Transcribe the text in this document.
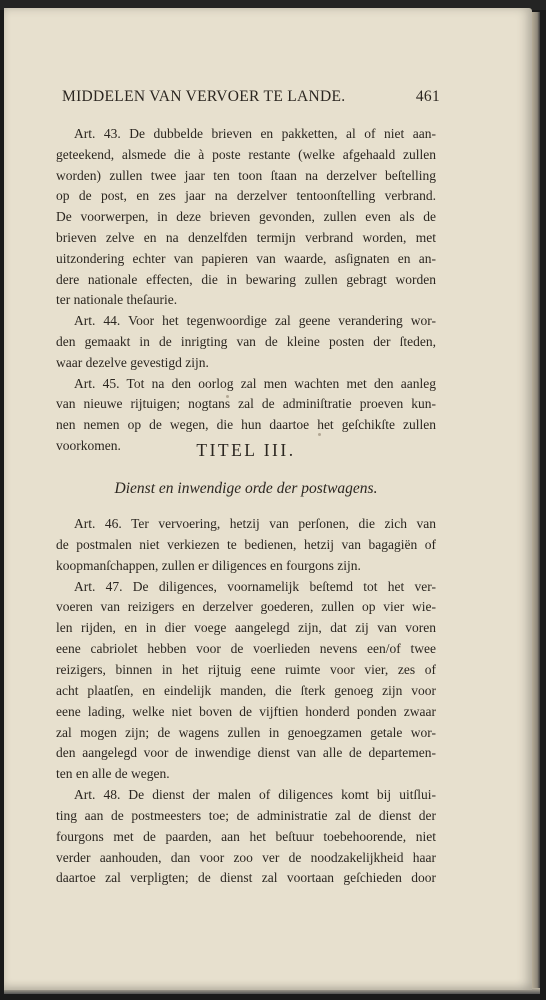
MIDDELEN VAN VERVOER TE LANDE.	461
Art. 43. De dubbelde brieven en pakketten, al of niet aan-
geteekend, alsmede die à poste restante (welke afgehaald zullen
worden) zullen twee jaar ten toon ſtaan na derzelver beſtelling
op de post, en zes jaar na derzelver tentoonſtelling verbrand.
De voorwerpen, in deze brieven gevonden, zullen even als de
brieven zelve en na denzelfden termijn verbrand worden, met
uitzondering echter van papieren van waarde, asſignaten en an-
dere nationale effecten, die in bewaring zullen gebragt worden
ter nationale theſaurie.
Art. 44. Voor het tegenwoordige zal geene verandering wor-
den gemaakt in de inrigting van de kleine posten der ſteden,
waar dezelve gevestigd zijn.
Art. 45. Tot na den oorlog zal men wachten met den aanleg
van nieuwe rijtuigen; nogtans zal de adminiſtratie proeven kun-
nen nemen op de wegen, die hun daartoe het geſchikſte zullen
voorkomen.	TITEL III.
Dienst en inwendige orde der postwagens.
Art. 46. Ter vervoering, hetzij van perſonen, die zich van
de postmalen niet verkiezen te bedienen, hetzij van bagagiën of
koopmanſchappen, zullen er diligences en fourgons zijn.
Art. 47. De diligences, voornamelijk beſtemd tot het ver-
voeren van reizigers en derzelver goederen, zullen op vier wie-
len rijden, en in dier voege aangelegd zijn, dat zij van voren
eene cabriolet hebben voor de voerlieden nevens een/of twee
reizigers, binnen in het rijtuig eene ruimte voor vier, zes of
acht plaatſen, en eindelijk manden, die ſterk genoeg zijn voor
eene lading, welke niet boven de vijftien honderd ponden zwaar
zal mogen zijn; de wagens zullen in genoegzamen getale wor-
den aangelegd voor de inwendige dienst van alle de departemen-
ten en alle de wegen.
Art. 48. De dienst der malen of diligences komt bij uitſlui-
ting aan de postmeesters toe; de administratie zal de dienst der
fourgons met de paarden, aan het beſtuur toebehoorende, niet
verder aanhouden, dan voor zoo ver de noodzakelijkheid haar
daartoe zal verpligten; de dienst zal voortaan geſchieden door
